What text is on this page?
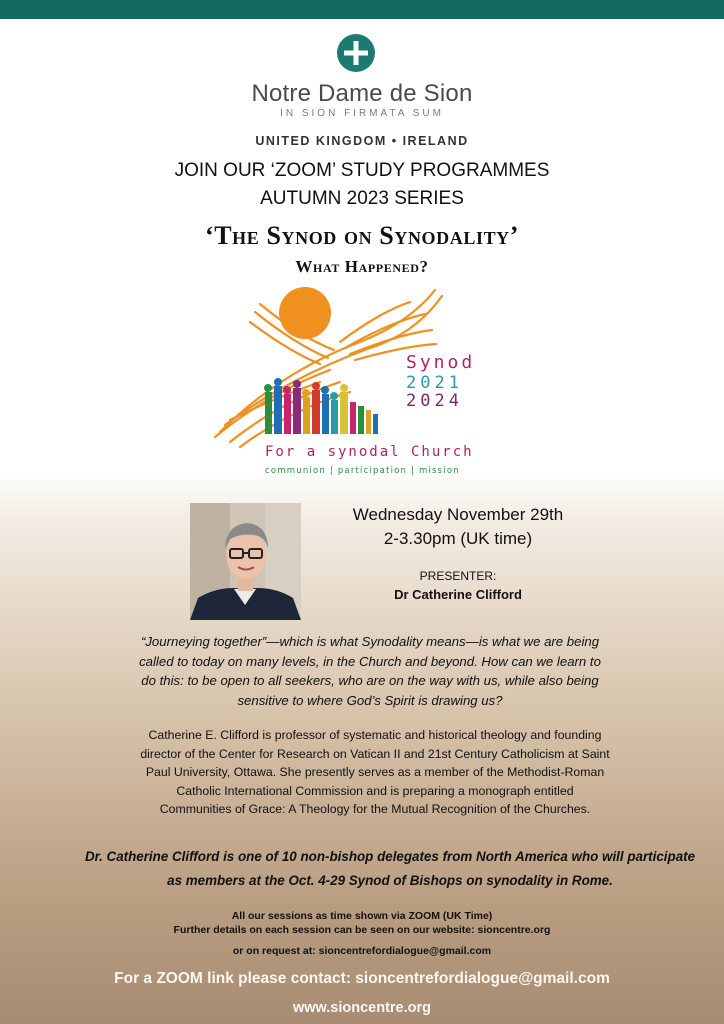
Notre Dame de Sion
IN SION FIRMATA SUM
UNITED KINGDOM • IRELAND
JOIN OUR ‘ZOOM’ STUDY PROGRAMMES
AUTUMN 2023 SERIES
‘The Synod on Synodality’
What Happened?
Synod
2021
2024
For a synodal Church
communion | participation | mission
Wednesday November 29th
2-3.30pm (UK time)
PRESENTER:
Dr Catherine Clifford
“Journeying together”—which is what Synodality means—is what we are being called to today on many levels, in the Church and beyond. How can we learn to do this: to be open to all seekers, who are on the way with us, while also being sensitive to where God’s Spirit is drawing us?
Catherine E. Clifford is professor of systematic and historical theology and founding director of the Center for Research on Vatican II and 21st Century Catholicism at Saint Paul University, Ottawa. She presently serves as a member of the Methodist-Roman Catholic International Commission and is preparing a monograph entitled Communities of Grace: A Theology for the Mutual Recognition of the Churches.
Dr. Catherine Clifford is one of 10 non-bishop delegates from North America who will participate as members at the Oct. 4-29 Synod of Bishops on synodality in Rome.
All our sessions as time shown via ZOOM (UK Time)
Further details on each session can be seen on our website: sioncentre.org
or on request at: sioncentrefordialogue@gmail.com
For a ZOOM link please contact: sioncentrefordialogue@gmail.com
www.sioncentre.org
